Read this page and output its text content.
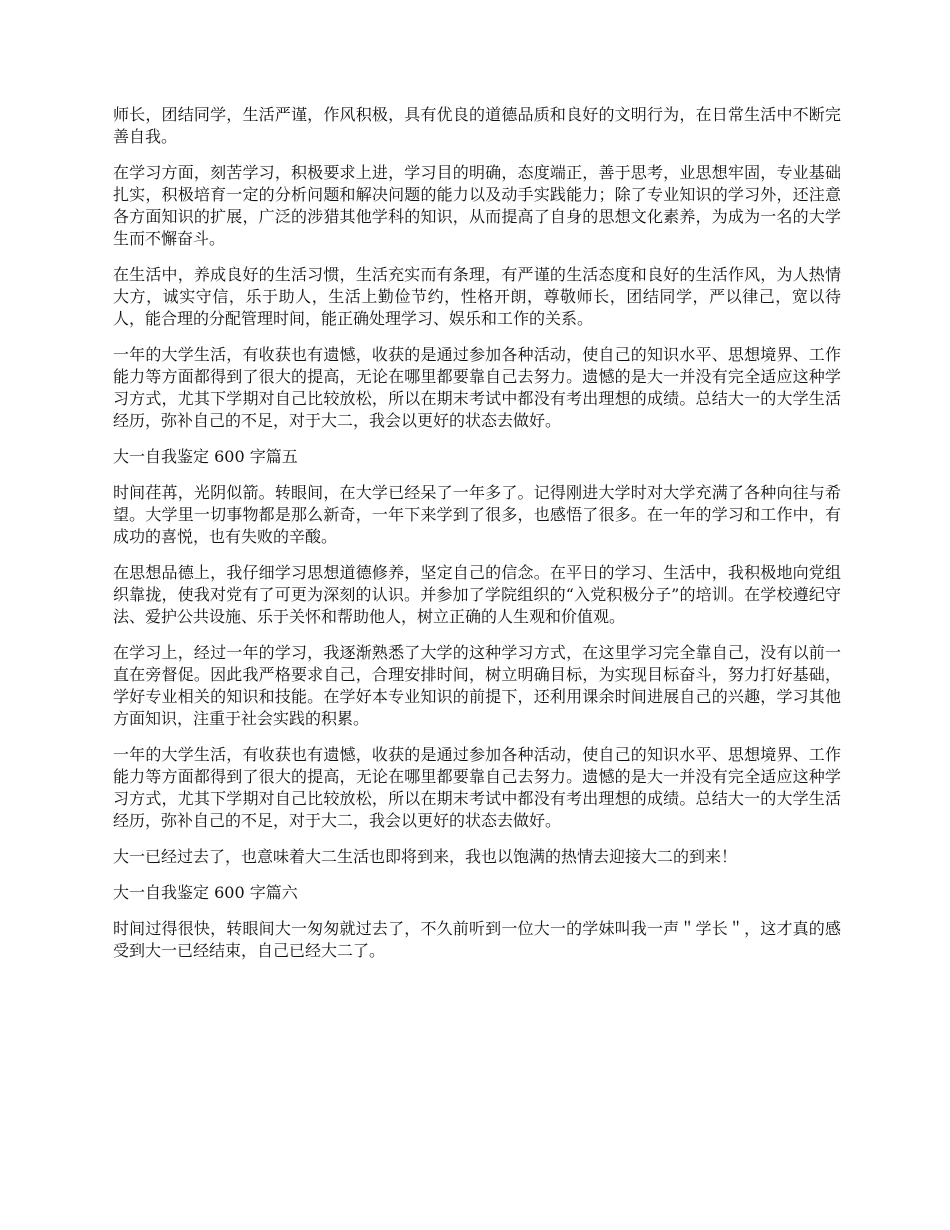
师长，团结同学，生活严谨，作风积极，具有优良的道德品质和良好的文明行为，在日常生活中不断完善自我。

在学习方面，刻苦学习，积极要求上进，学习目的明确，态度端正，善于思考，业思想牢固，专业基础扎实，积极培育一定的分析问题和解决问题的能力以及动手实践能力；除了专业知识的学习外，还注意各方面知识的扩展，广泛的涉猎其他学科的知识，从而提高了自身的思想文化素养，为成为一名的大学生而不懈奋斗。

在生活中，养成良好的生活习惯，生活充实而有条理，有严谨的生活态度和良好的生活作风，为人热情大方，诚实守信，乐于助人，生活上勤俭节约，性格开朗，尊敬师长，团结同学，严以律己，宽以待人，能合理的分配管理时间，能正确处理学习、娱乐和工作的关系。

一年的大学生活，有收获也有遗憾，收获的是通过参加各种活动，使自己的知识水平、思想境界、工作能力等方面都得到了很大的提高，无论在哪里都要靠自己去努力。遗憾的是大一并没有完全适应这种学习方式，尤其下学期对自己比较放松，所以在期末考试中都没有考出理想的成绩。总结大一的大学生活经历，弥补自己的不足，对于大二，我会以更好的状态去做好。

大一自我鉴定 600 字篇五

时间荏苒，光阴似箭。转眼间，在大学已经呆了一年多了。记得刚进大学时对大学充满了各种向往与希望。大学里一切事物都是那么新奇，一年下来学到了很多，也感悟了很多。在一年的学习和工作中，有成功的喜悦，也有失败的辛酸。

在思想品德上，我仔细学习思想道德修养，坚定自己的信念。在平日的学习、生活中，我积极地向党组织靠拢，使我对党有了可更为深刻的认识。并参加了学院组织的“入党积极分子”的培训。在学校遵纪守法、爱护公共设施、乐于关怀和帮助他人，树立正确的人生观和价值观。

在学习上，经过一年的学习，我逐渐熟悉了大学的这种学习方式，在这里学习完全靠自己，没有以前一直在旁督促。因此我严格要求自己，合理安排时间，树立明确目标，为实现目标奋斗，努力打好基础，学好专业相关的知识和技能。在学好本专业知识的前提下，还利用课余时间进展自己的兴趣，学习其他方面知识，注重于社会实践的积累。

一年的大学生活，有收获也有遗憾，收获的是通过参加各种活动，使自己的知识水平、思想境界、工作能力等方面都得到了很大的提高，无论在哪里都要靠自己去努力。遗憾的是大一并没有完全适应这种学习方式，尤其下学期对自己比较放松，所以在期末考试中都没有考出理想的成绩。总结大一的大学生活经历，弥补自己的不足，对于大二，我会以更好的状态去做好。

大一已经过去了，也意味着大二生活也即将到来，我也以饱满的热情去迎接大二的到来！

大一自我鉴定 600 字篇六

时间过得很快，转眼间大一匆匆就过去了，不久前听到一位大一的学妹叫我一声＂学长＂，这才真的感受到大一已经结束，自己已经大二了。
